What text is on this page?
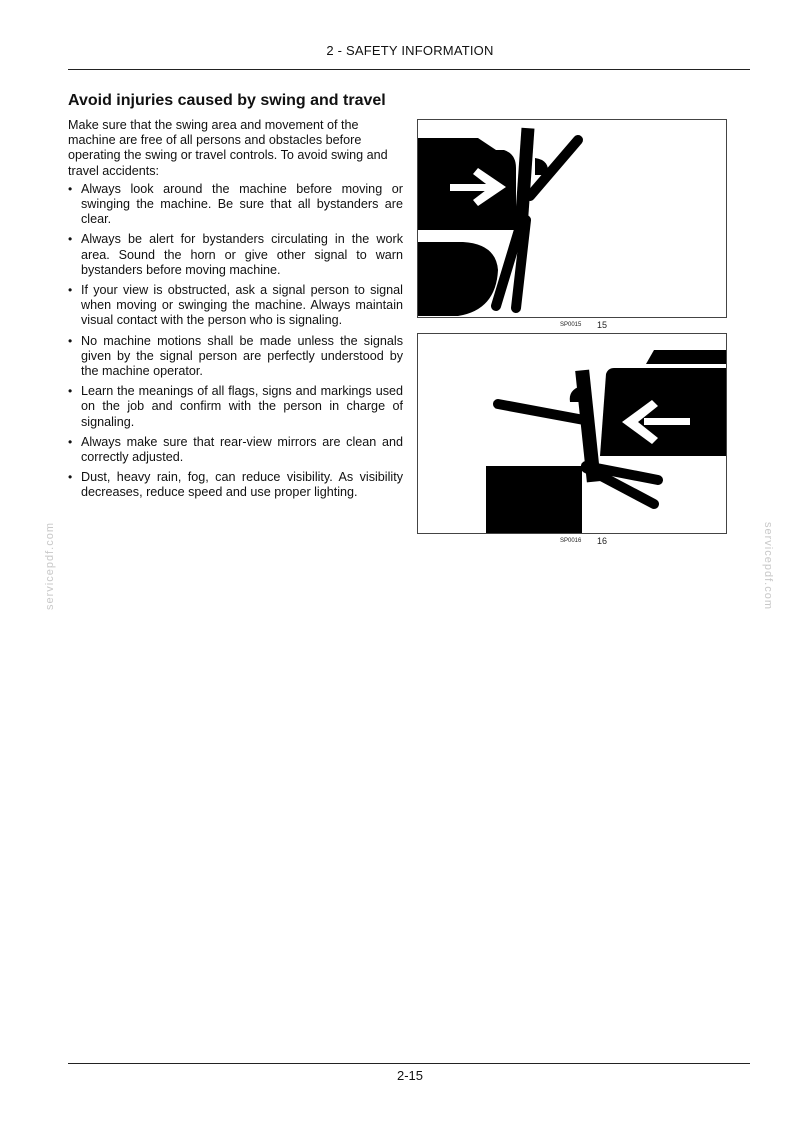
2 - SAFETY INFORMATION
Avoid injuries caused by swing and travel

Make sure that the swing area and movement of the machine are free of all persons and obstacles before operating the swing or travel controls. To avoid swing and travel accidents:

• Always look around the machine before moving or swinging the machine. Be sure that all bystanders are clear.
• Always be alert for bystanders circulating in the work area. Sound the horn or give other signal to warn bystanders before moving machine.
• If your view is obstructed, ask a signal person to signal when moving or swinging the machine. Always maintain visual contact with the person who is signaling.
• No machine motions shall be made unless the signals given by the signal person are perfectly understood by the machine operator.
• Learn the meanings of all flags, signs and markings used on the job and confirm with the person in charge of signaling.
• Always make sure that rear-view mirrors are clean and correctly adjusted.
• Dust, heavy rain, fog, can reduce visibility. As visibility decreases, reduce speed and use proper lighting.
SP0015 15
SP0016 16
servicepdf.com	servicepdf.com
2-15
